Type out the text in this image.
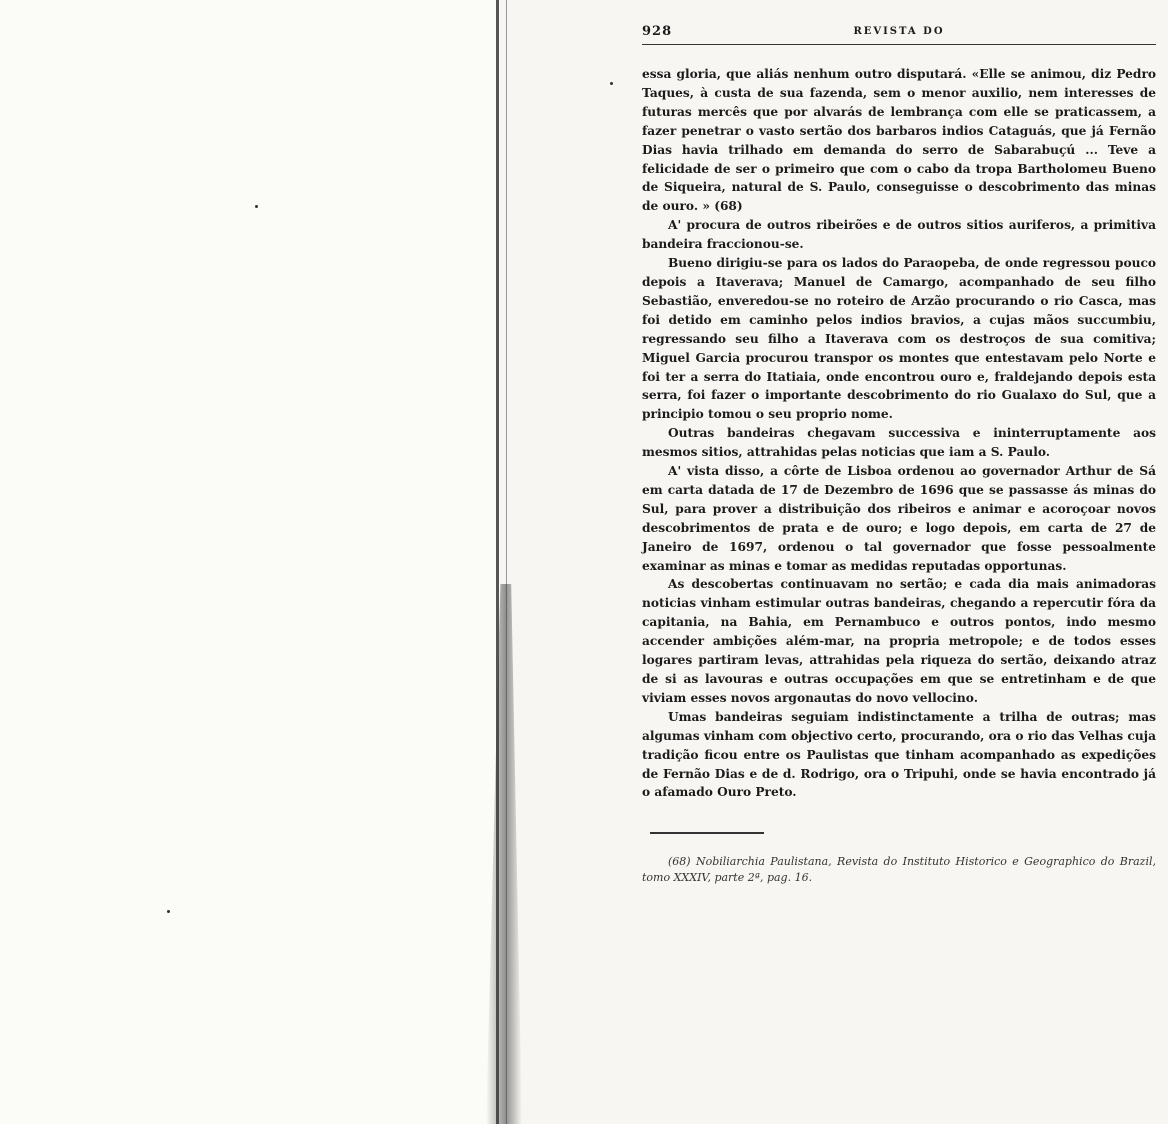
928	REVISTA DO

essa gloria, que aliás nenhum outro disputará. «Elle se animou, diz Pedro Taques, à custa de sua fazenda, sem o menor auxilio, nem interesses de futuras mercês que por alvarás de lembrança com elle se praticassem, a fazer penetrar o vasto sertão dos barbaros indios Cataguás, que já Fernão Dias havia trilhado em demanda do serro de Sabarabuçú ... Teve a felicidade de ser o primeiro que com o cabo da tropa Bartholomeu Bueno de Siqueira, natural de S. Paulo, conseguisse o descobrimento das minas de ouro. » (68)

A' procura de outros ribeirões e de outros sitios auriferos, a primitiva bandeira fraccionou-se.

Bueno dirigiu-se para os lados do Paraopeba, de onde regressou pouco depois a Itaverava; Manuel de Camargo, acompanhado de seu filho Sebastião, enveredou-se no roteiro de Arzão procurando o rio Casca, mas foi detido em caminho pelos indios bravios, a cujas mãos succumbiu, regressando seu filho a Itaverava com os destroços de sua comitiva; Miguel Garcia procurou transpor os montes que entestavam pelo Norte e foi ter a serra do Itatiaia, onde encontrou ouro e, fraldejando depois esta serra, foi fazer o importante descobrimento do rio Gualaxo do Sul, que a principio tomou o seu proprio nome.

Outras bandeiras chegavam successiva e ininterruptamente aos mesmos sitios, attrahidas pelas noticias que iam a S. Paulo.

A' vista disso, a côrte de Lisboa ordenou ao governador Arthur de Sá em carta datada de 17 de Dezembro de 1696 que se passasse ás minas do Sul, para prover a distribuição dos ribeiros e animar e acoroçoar novos descobrimentos de prata e de ouro; e logo depois, em carta de 27 de Janeiro de 1697, ordenou o tal governador que fosse pessoalmente examinar as minas e tomar as medidas reputadas opportunas.

As descobertas continuavam no sertão; e cada dia mais animadoras noticias vinham estimular outras bandeiras, chegando a repercutir fóra da capitania, na Bahia, em Pernambuco e outros pontos, indo mesmo accender ambições além-mar, na propria metropole; e de todos esses logares partiram levas, attrahidas pela riqueza do sertão, deixando atraz de si as lavouras e outras occupações em que se entretinham e de que viviam esses novos argonautas do novo vellocino.

Umas bandeiras seguiam indistinctamente a trilha de outras; mas algumas vinham com objectivo certo, procurando, ora o rio das Velhas cuja tradição ficou entre os Paulistas que tinham acompanhado as expedições de Fernão Dias e de d. Rodrigo, ora o Tripuhi, onde se havia encontrado já o afamado Ouro Preto.

(68) Nobiliarchia Paulistana, Revista do Instituto Historico e Geographico do Brazil, tomo XXXIV, parte 2ª, pag. 16.
